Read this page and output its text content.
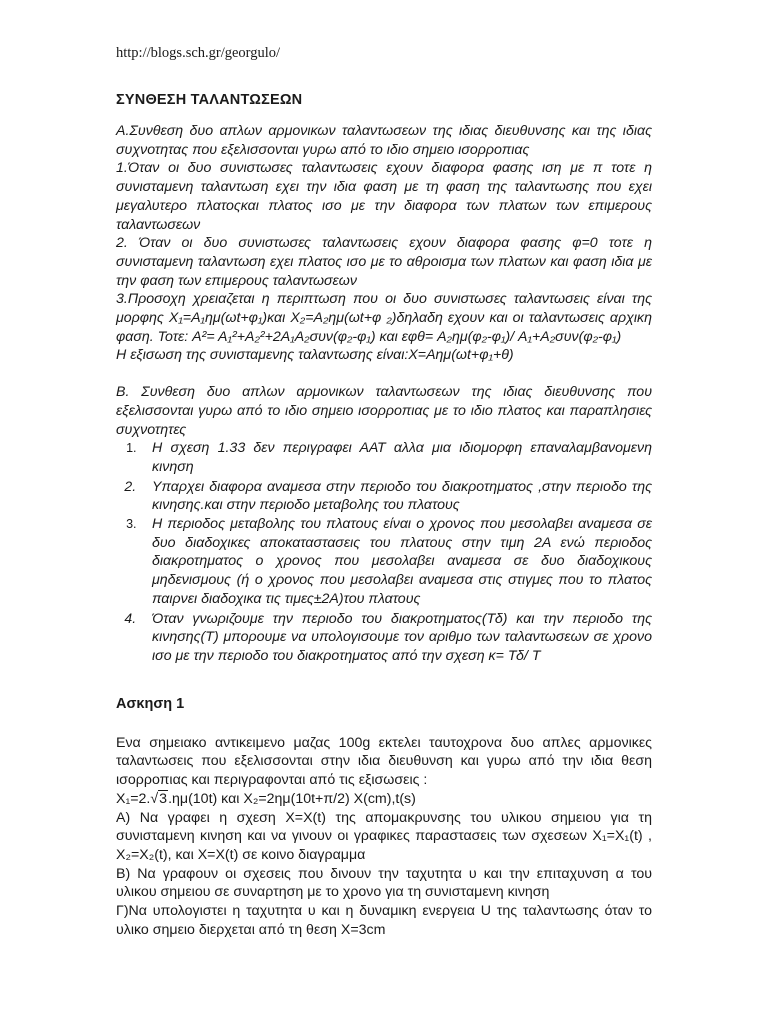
http://blogs.sch.gr/georgulo/
ΣΥΝΘΕΣΗ ΤΑΛΑΝΤΩΣΕΩΝ

Α.Συνθεση δυο απλων αρμονικων ταλαντωσεων της ιδιας διευθυνσης και της ιδιας συχνοτητας που εξελισσονται γυρω από το ιδιο σημειο ισορροπιας

1.Όταν οι δυο συνιστωσες ταλαντωσεις εχουν διαφορα φασης ιση με π τοτε η συνισταμενη ταλαντωση εχει την ιδια φαση με τη φαση της ταλαντωσης που εχει μεγαλυτερο πλατοςκαι πλατος ισο με την διαφορα των πλατων των επιμερους ταλαντωσεων

2. Όταν οι δυο συνιστωσες ταλαντωσεις εχουν διαφορα φασης φ=0 τοτε η συνισταμενη ταλαντωση εχει πλατος ισο με το αθροισμα των πλατων και φαση ιδια με την φαση των επιμερους ταλαντωσεων

3.Προσοχη χρειαζεται η περιπτωση που οι δυο συνιστωσες ταλαντωσεις είναι της μορφης X₁=A₁ημ(ωt+φ₁)και X₂=A₂ημ(ωt+φ ₂)δηλαδη εχουν και οι ταλαντωσεις αρχικη φαση. Τοτε: A²= A₁²+A₂²+2A₁A₂συν(φ₂-φ₁) και εφθ= A₂ημ(φ₂-φ₁)/ A₁+A₂συν(φ₂-φ₁)

Η εξισωση της συνισταμενης ταλαντωσης είναι:Χ=Αημ(ωt+φ₁+θ)

Β. Συνθεση δυο απλων αρμονικων ταλαντωσεων της ιδιας διευθυνσης που εξελισσονται γυρω από το ιδιο σημειο ισορροπιας με το ιδιο πλατος και παραπλησιες συχνοτητες

1. Η σχεση 1.33 δεν περιγραφει ΑΑΤ αλλα μια ιδιομορφη επαναλαμβανομενη κινηση
2. Υπαρχει διαφορα αναμεσα στην περιοδο του διακροτηματος ,στην περιοδο της κινησης.και στην περιοδο μεταβολης του πλατους
3. Η περιοδος μεταβολης του πλατους είναι ο χρονος που μεσολαβει αναμεσα σε δυο διαδοχικες αποκαταστασεις του πλατους στην τιμη 2Α ενώ περιοδος διακροτηματος ο χρονος που μεσολαβει αναμεσα σε δυο διαδοχικους μηδενισμους (ή ο χρονος που μεσολαβει αναμεσα στις στιγμες που το πλατος παιρνει διαδοχικα τις τιμες±2Α)του πλατους
4. Όταν γνωριζουμε την περιοδο του διακροτηματος(Τδ) και την περιοδο της κινησης(Τ) μπορουμε να υπολογισουμε τον αριθμο των ταλαντωσεων σε χρονο ισο με την περιοδο του διακροτηματος από την σχεση κ= Τδ/ Τ
Ασκηση 1

Ενα σημειακο αντικειμενο μαζας 100g εκτελει ταυτοχρονα δυο απλες αρμονικες ταλαντωσεις που εξελισσονται στην ιδια διευθυνση και γυρω από την ιδια θεση ισορροπιας και περιγραφονται από τις εξισωσεις :

X₁=2.√3.ημ(10t) και X₂=2ημ(10t+π/2) X(cm),t(s)

Α) Να γραφει η σχεση Χ=Χ(t) της απομακρυνσης του υλικου σημειου για τη συνισταμενη κινηση και να γινουν οι γραφικες παραστασεις των σχεσεων Χ₁=Χ₁(t) , Χ₂=Χ₂(t), και Χ=Χ(t) σε κοινο διαγραμμα

Β) Να γραφουν οι σχεσεις που δινουν την ταχυτητα υ και την επιταχυνση α του υλικου σημειου σε συναρτηση με το χρονο για τη συνισταμενη κινηση

Γ)Να υπολογιστει η ταχυτητα υ και η δυναμικη ενεργεια U της ταλαντωσης όταν το υλικο σημειο διερχεται από τη θεση Χ=3cm
